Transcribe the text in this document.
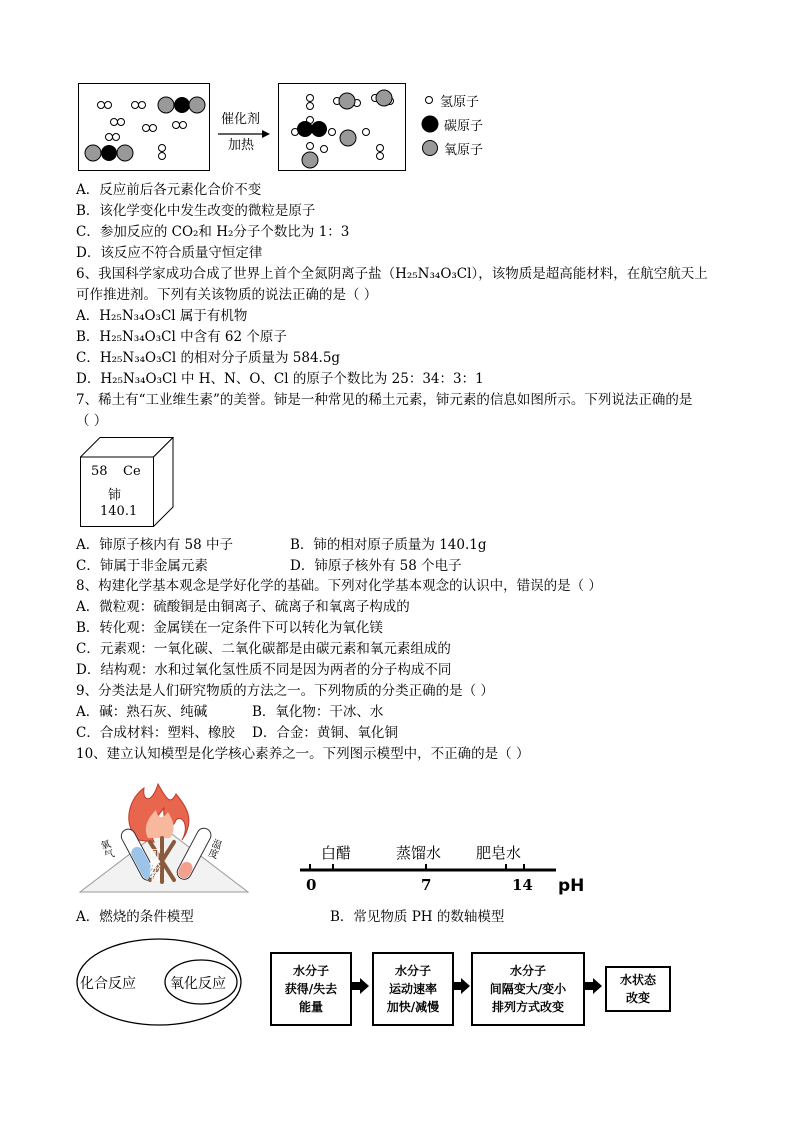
催化剂
加热
氢原子
碳原子
氧原子
A．反应前后各元素化合价不变
B．该化学变化中发生改变的微粒是原子
C．参加反应的 CO₂和 H₂分子个数比为 1：3
D．该反应不符合质量守恒定律
6、我国科学家成功合成了世界上首个全氮阴离子盐（H₂₅N₃₄O₃Cl），该物质是超高能材料，在航空航天上
可作推进剂。下列有关该物质的说法正确的是（ ）
A．H₂₅N₃₄O₃Cl 属于有机物
B．H₂₅N₃₄O₃Cl 中含有 62 个原子
C．H₂₅N₃₄O₃Cl 的相对分子质量为 584.5g
D．H₂₅N₃₄O₃Cl 中 H、N、O、Cl 的原子个数比为 25：34：3：1
7、稀土有“工业维生素”的美誉。铈是一种常见的稀土元素，铈元素的信息如图所示。下列说法正确的是
（ ）
58 Ce
铈
140.1
A．铈原子核内有 58 中子	B．铈的相对原子质量为 140.1g
C．铈属于非金属元素	D．铈原子核外有 58 个电子
8、构建化学基本观念是学好化学的基础。下列对化学基本观念的认识中，错误的是（ ）
A．微粒观：硫酸铜是由铜离子、硫离子和氧离子构成的
B．转化观：金属镁在一定条件下可以转化为氧化镁
C．元素观：一氧化碳、二氧化碳都是由碳元素和氧元素组成的
D．结构观：水和过氧化氢性质不同是因为两者的分子构成不同
9、分类法是人们研究物质的方法之一。下列物质的分类正确的是（ ）
A．碱：熟石灰、纯碱	B．氧化物：干冰、水
C．合成材料：塑料、橡胶 D．合金：黄铜、氧化铜
10、建立认知模型是化学核心素养之一。下列图示模型中，不正确的是（ ）
氧气	可燃物	温度	白醋	蒸馏水 肥皂水
0	7	14 pH
A．燃烧的条件模型	B．常见物质 PH 的数轴模型
化合反应 氧化反应
水分子
获得/失去
能量
水分子
运动速率
加快/减慢
水分子
间隔变大/变小
排列方式改变
水状态
改变
